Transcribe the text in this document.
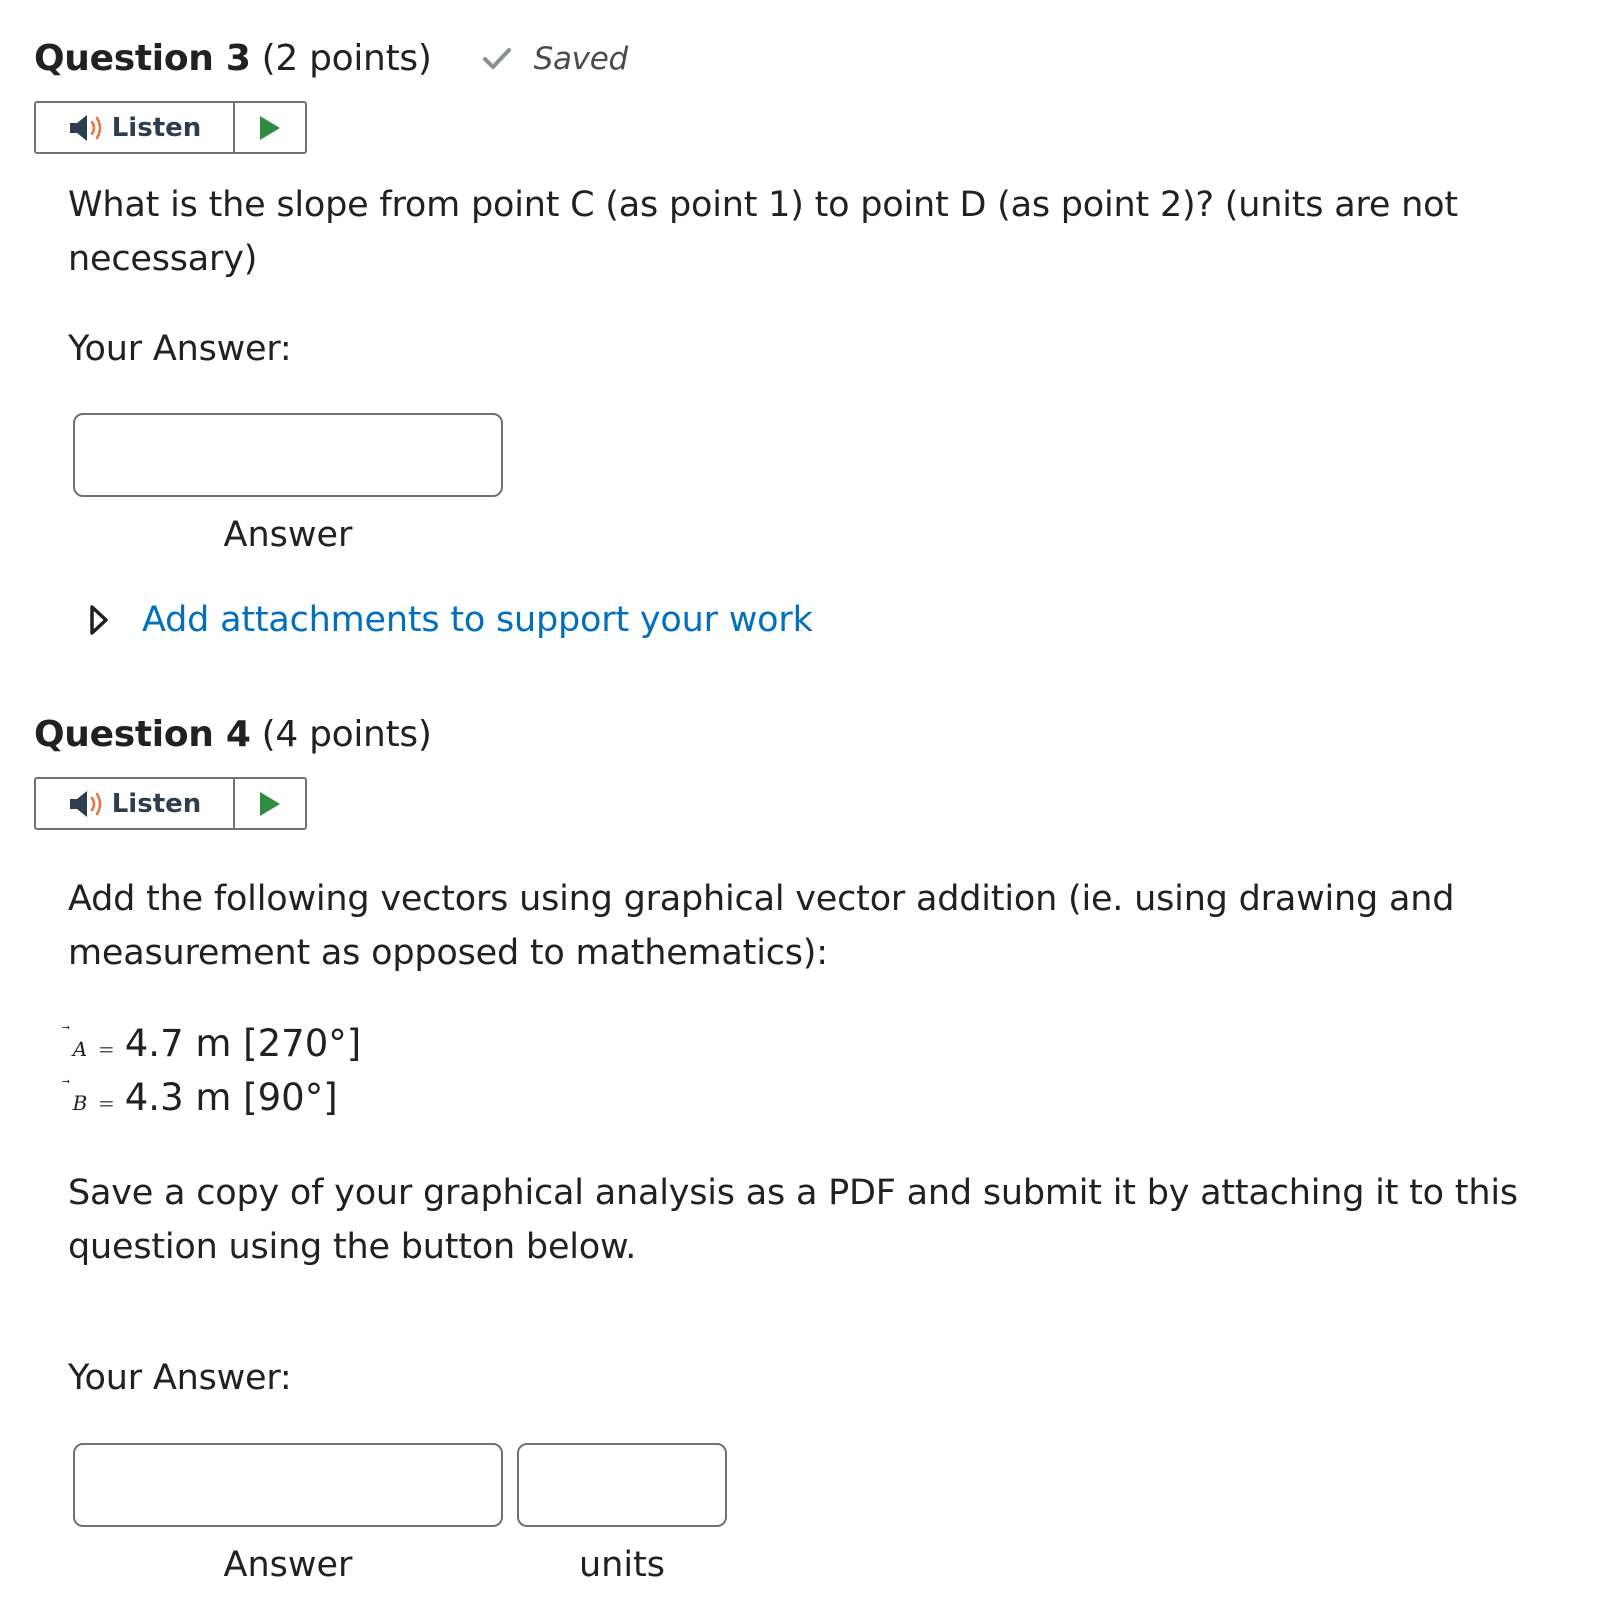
Question 3 (2 points)	Saved
Listen
What is the slope from point C (as point 1) to point D (as point 2)? (units are not necessary)
Your Answer:
Answer
Add attachments to support your work
Question 4 (4 points)
Listen
Add the following vectors using graphical vector addition (ie. using drawing and measurement as opposed to mathematics):
A = 4.7 m [270°]
B = 4.3 m [90°]
Save a copy of your graphical analysis as a PDF and submit it by attaching it to this question using the button below.
Your Answer:
Answer	units
